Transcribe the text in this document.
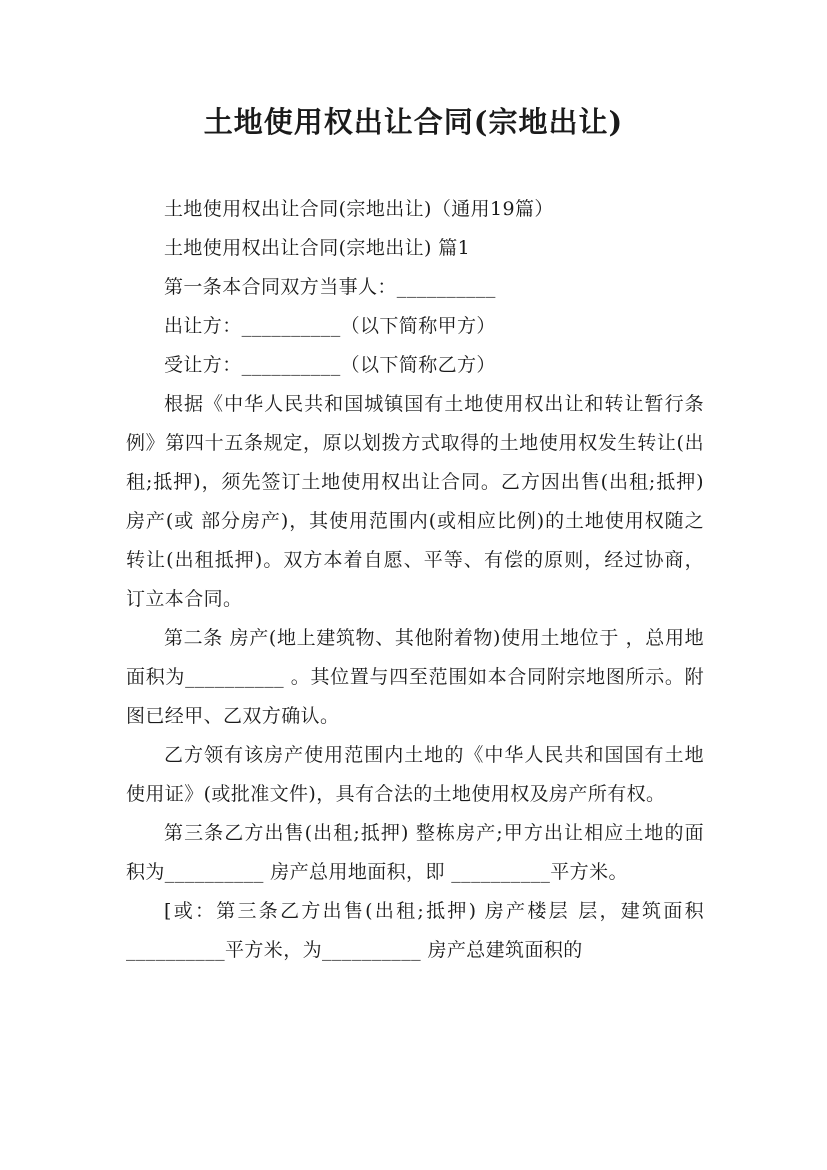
土地使用权出让合同(宗地出让)

土地使用权出让合同(宗地出让)（通用19篇）

土地使用权出让合同(宗地出让) 篇1

第一条本合同双方当事人：__________

出让方：__________（以下简称甲方）

受让方：__________（以下简称乙方）

根据《中华人民共和国城镇国有土地使用权出让和转让暂行条例》第四十五条规定，原以划拨方式取得的土地使用权发生转让(出租;抵押)，须先签订土地使用权出让合同。乙方因出售(出租;抵押) 房产(或 部分房产)，其使用范围内(或相应比例)的土地使用权随之转让(出租抵押)。双方本着自愿、平等、有偿的原则，经过协商，订立本合同。

第二条 房产(地上建筑物、其他附着物)使用土地位于 ，总用地面积为__________ 。其位置与四至范围如本合同附宗地图所示。附图已经甲、乙双方确认。

乙方领有该房产使用范围内土地的《中华人民共和国国有土地使用证》(或批准文件)，具有合法的土地使用权及房产所有权。

第三条乙方出售(出租;抵押) 整栋房产;甲方出让相应土地的面积为__________ 房产总用地面积，即 __________平方米。

[或：第三条乙方出售(出租;抵押) 房产楼层 层，建筑面积 __________平方米，为__________ 房产总建筑面积的
